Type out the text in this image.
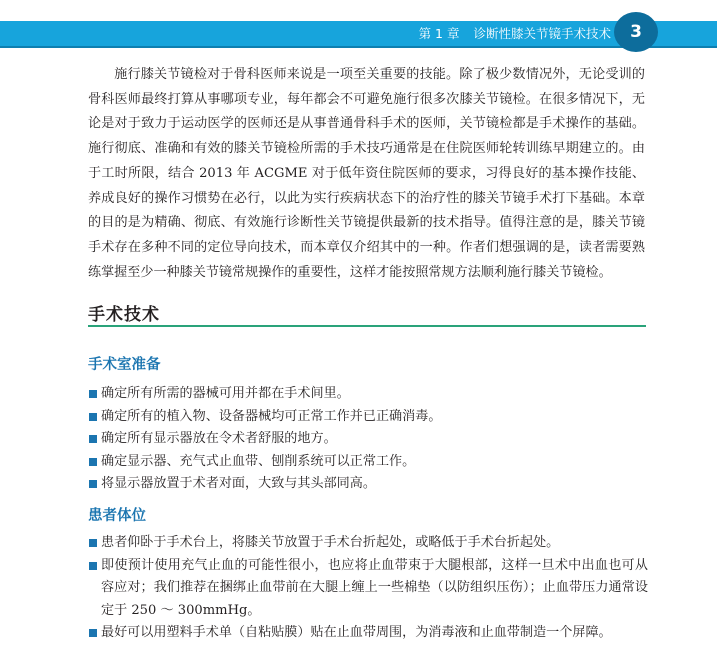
第 1 章 诊断性膝关节镜手术技术	3

施行膝关节镜检对于骨科医师来说是一项至关重要的技能。除了极少数情况外，无论受训的骨科医师最终打算从事哪项专业，每年都会不可避免施行很多次膝关节镜检。在很多情况下，无论是对于致力于运动医学的医师还是从事普通骨科手术的医师，关节镜检都是手术操作的基础。施行彻底、准确和有效的膝关节镜检所需的手术技巧通常是在住院医师轮转训练早期建立的。由于工时所限，结合 2013 年 ACGME 对于低年资住院医师的要求，习得良好的基本操作技能、养成良好的操作习惯势在必行，以此为实行疾病状态下的治疗性的膝关节镜手术打下基础。本章的目的是为精确、彻底、有效施行诊断性关节镜提供最新的技术指导。值得注意的是，膝关节镜手术存在多种不同的定位导向技术，而本章仅介绍其中的一种。作者们想强调的是，读者需要熟练掌握至少一种膝关节镜常规操作的重要性，这样才能按照常规方法顺利施行膝关节镜检。

手术技术
手术室准备
确定所有所需的器械可用并都在手术间里。
确定所有的植入物、设备器械均可正常工作并已正确消毒。
确定所有显示器放在令术者舒服的地方。
确定显示器、充气式止血带、刨削系统可以正常工作。
将显示器放置于术者对面，大致与其头部同高。
患者体位
患者仰卧于手术台上，将膝关节放置于手术台折起处，或略低于手术台折起处。
即使预计使用充气止血的可能性很小，也应将止血带束于大腿根部，这样一旦术中出血也可从容应对；我们推荐在捆绑止血带前在大腿上缠上一些棉垫（以防组织压伤）；止血带压力通常设定于 250 ～ 300mmHg。
最好可以用塑料手术单（自粘贴膜）贴在止血带周围，为消毒液和止血带制造一个屏障。
